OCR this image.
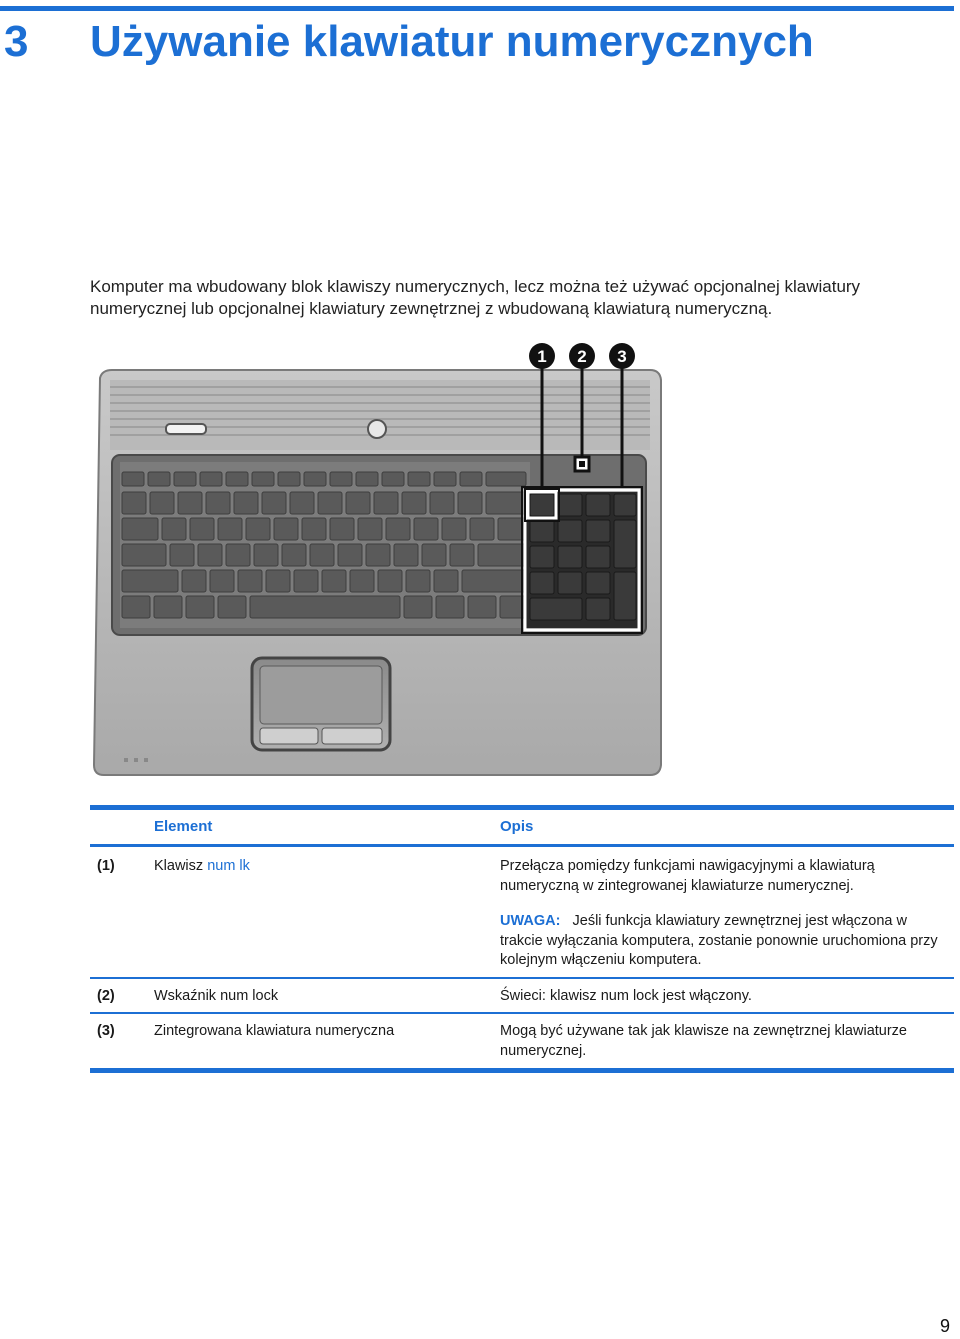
3 Używanie klawiatur numerycznych

Komputer ma wbudowany blok klawiszy numerycznych, lecz można też używać opcjonalnej klawiatury numerycznej lub opcjonalnej klawiatury zewnętrznej z wbudowaną klawiaturą numeryczną.

1 2 3
Element	Opis
(1)	Klawisz num lk	Przełącza pomiędzy funkcjami nawigacyjnymi a klawiaturą numeryczną w zintegrowanej klawiaturze numerycznej.
UWAGA: Jeśli funkcja klawiatury zewnętrznej jest włączona w trakcie wyłączania komputera, zostanie ponownie uruchomiona przy kolejnym włączeniu komputera.
(2)	Wskaźnik num lock	Świeci: klawisz num lock jest włączony.
(3)	Zintegrowana klawiatura numeryczna	Mogą być używane tak jak klawisze na zewnętrznej klawiaturze numerycznej.
9
